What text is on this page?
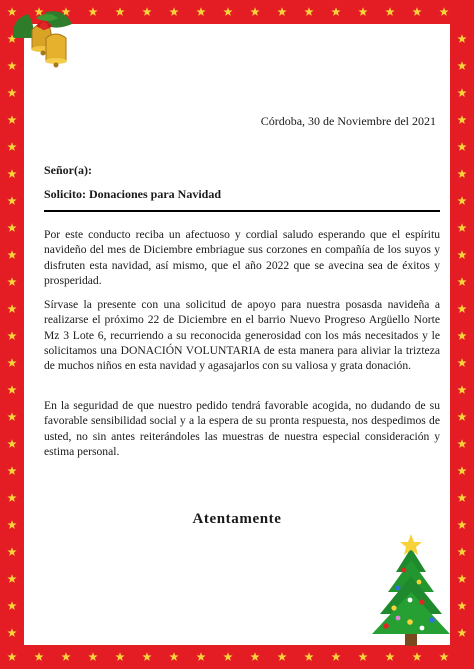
Córdoba, 30 de Noviembre del 2021
Señor(a):
Solicito: Donaciones para Navidad
Por este conducto reciba un afectuoso y cordial saludo esperando que el espíritu navideño del mes de Diciembre embriague sus corzones en compañía de los suyos y disfruten esta navidad, así mismo, que el año 2022 que se avecina sea de éxitos y prosperidad.
Sírvase la presente con una solicitud de apoyo para nuestra posasda navideña a realizarse el próximo 22 de Diciembre en el barrio Nuevo Progreso Argüello Norte Mz 3 Lote 6, recurriendo a su reconocida generosidad con los más necesitados y le solicitamos una DONACIÓN VOLUNTARIA de esta manera para aliviar la trizteza de muchos niños en esta navidad y agasajarlos con su valiosa y grata donación.
En la seguridad de que nuestro pedido tendrá favorable acogida, no dudando de su favorable sensibilidad social y a la espera de su pronta respuesta, nos despedimos de usted, no sin antes reiterándoles las muestras de nuestra especial consideración y estima personal.
Atentamente
